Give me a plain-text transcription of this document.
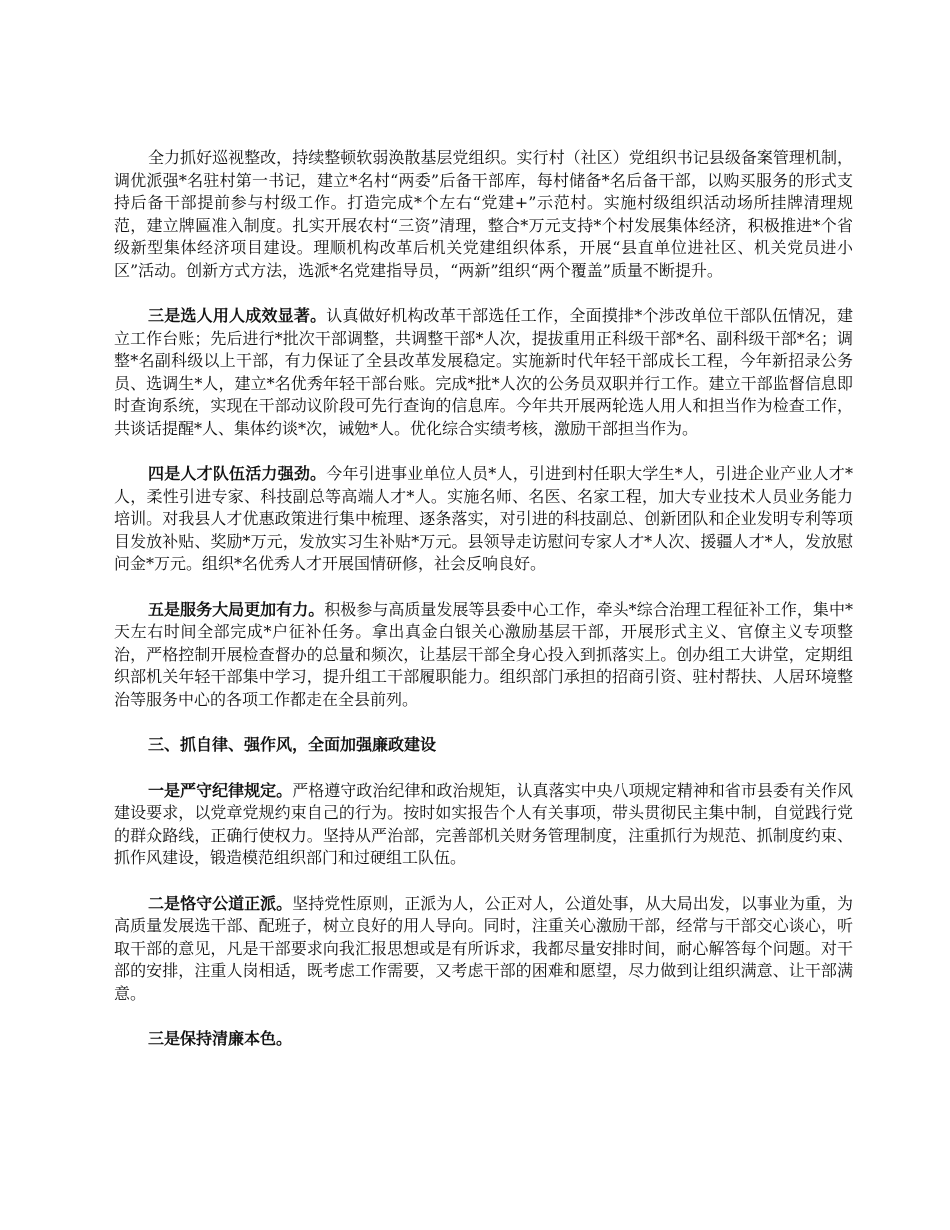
全力抓好巡视整改，持续整顿软弱涣散基层党组织。实行村（社区）党组织书记县级备案管理机制，调优派强*名驻村第一书记，建立*名村“两委”后备干部库，每村储备*名后备干部，以购买服务的形式支持后备干部提前参与村级工作。打造完成*个左右“党建+”示范村。实施村级组织活动场所挂牌清理规范，建立牌匾准入制度。扎实开展农村“三资”清理，整合*万元支持*个村发展集体经济，积极推进*个省级新型集体经济项目建设。理顺机构改革后机关党建组织体系，开展“县直单位进社区、机关党员进小区”活动。创新方式方法，选派*名党建指导员，“两新”组织“两个覆盖”质量不断提升。

三是选人用人成效显著。认真做好机构改革干部选任工作，全面摸排*个涉改单位干部队伍情况，建立工作台账；先后进行*批次干部调整，共调整干部*人次，提拔重用正科级干部*名、副科级干部*名；调整*名副科级以上干部，有力保证了全县改革发展稳定。实施新时代年轻干部成长工程，今年新招录公务员、选调生*人，建立*名优秀年轻干部台账。完成*批*人次的公务员双职并行工作。建立干部监督信息即时查询系统，实现在干部动议阶段可先行查询的信息库。今年共开展两轮选人用人和担当作为检查工作，共谈话提醒*人、集体约谈*次，诫勉*人。优化综合实绩考核，激励干部担当作为。

四是人才队伍活力强劲。今年引进事业单位人员*人，引进到村任职大学生*人，引进企业产业人才*人，柔性引进专家、科技副总等高端人才*人。实施名师、名医、名家工程，加大专业技术人员业务能力培训。对我县人才优惠政策进行集中梳理、逐条落实，对引进的科技副总、创新团队和企业发明专利等项目发放补贴、奖励*万元，发放实习生补贴*万元。县领导走访慰问专家人才*人次、援疆人才*人，发放慰问金*万元。组织*名优秀人才开展国情研修，社会反响良好。

五是服务大局更加有力。积极参与高质量发展等县委中心工作，牵头*综合治理工程征补工作，集中*天左右时间全部完成*户征补任务。拿出真金白银关心激励基层干部，开展形式主义、官僚主义专项整治，严格控制开展检查督办的总量和频次，让基层干部全身心投入到抓落实上。创办组工大讲堂，定期组织部机关年轻干部集中学习，提升组工干部履职能力。组织部门承担的招商引资、驻村帮扶、人居环境整治等服务中心的各项工作都走在全县前列。

三、抓自律、强作风，全面加强廉政建设

一是严守纪律规定。严格遵守政治纪律和政治规矩，认真落实中央八项规定精神和省市县委有关作风建设要求，以党章党规约束自己的行为。按时如实报告个人有关事项，带头贯彻民主集中制，自觉践行党的群众路线，正确行使权力。坚持从严治部，完善部机关财务管理制度，注重抓行为规范、抓制度约束、抓作风建设，锻造模范组织部门和过硬组工队伍。

二是恪守公道正派。坚持党性原则，正派为人，公正对人，公道处事，从大局出发，以事业为重，为高质量发展选干部、配班子，树立良好的用人导向。同时，注重关心激励干部，经常与干部交心谈心，听取干部的意见，凡是干部要求向我汇报思想或是有所诉求，我都尽量安排时间，耐心解答每个问题。对干部的安排，注重人岗相适，既考虑工作需要，又考虑干部的困难和愿望，尽力做到让组织满意、让干部满意。

三是保持清廉本色。
